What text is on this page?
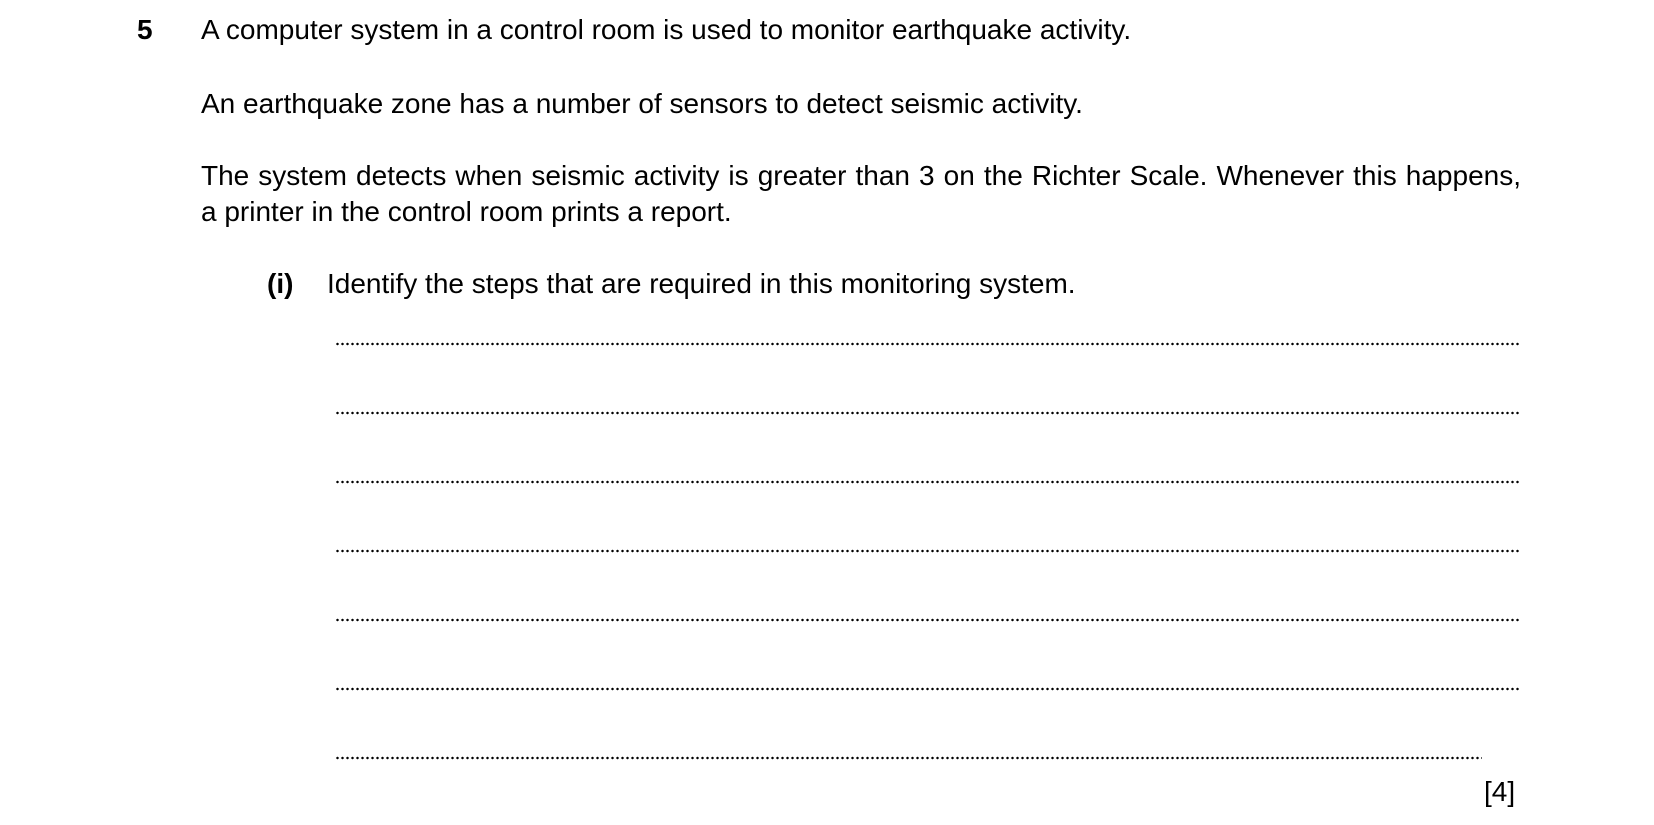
5 A computer system in a control room is used to monitor earthquake activity.

An earthquake zone has a number of sensors to detect seismic activity.

The system detects when seismic activity is greater than 3 on the Richter Scale. Whenever this happens, a printer in the control room prints a report.

(i) Identify the steps that are required in this monitoring system.
[4]
